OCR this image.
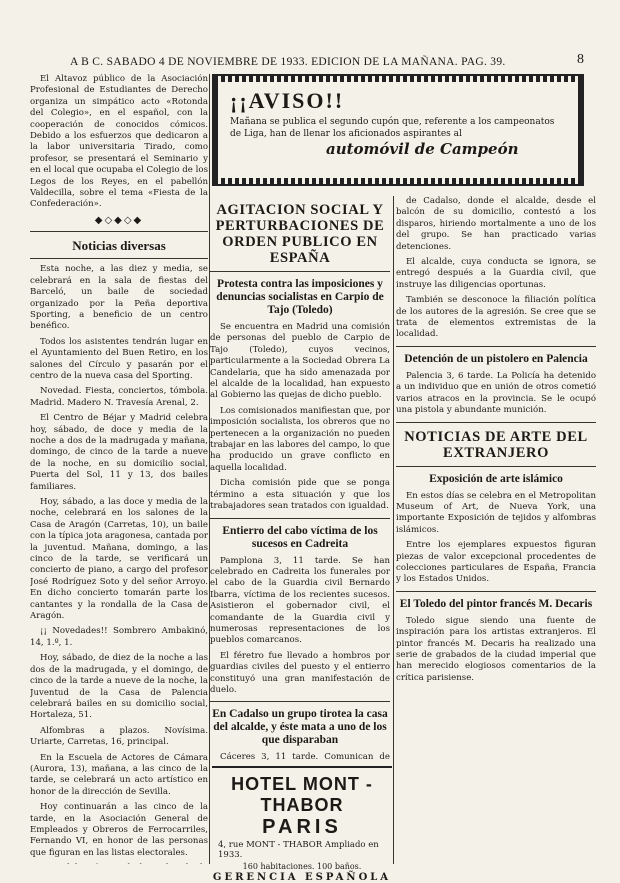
A B C. SABADO 4 DE NOVIEMBRE DE 1933. EDICION DE LA MAÑANA. PAG. 39.	8

El Altavoz público de la Asociación Profesional de Estudiantes de Derecho organiza un simpático acto «Rotonda del Colegio», en el español, con la cooperación de conocidos cómicos. Debido a los esfuerzos que dedicaron a la labor universitaria Tirado, como profesor, se presentará el Seminario y en el local que ocupaba el Colegio de los Legos de los Reyes, en el pabellón Valdecilla, sobre el tema «Fiesta de la Confederación».

◆◇◆◇◆
Noticias diversas

Esta noche, a las diez y media, se celebrará en la sala de fiestas del Barceló, un baile de sociedad organizado por la Peña deportiva Sporting, a beneficio de un centro benéfico.

Todos los asistentes tendrán lugar en el Ayuntamiento del Buen Retiro, en los salones del Círculo y pasarán por el centro de la nueva casa del Sporting.

Novedad. Fiesta, conciertos, tómbola. Madrid. Madero N. Travesía Arenal, 2.

El Centro de Béjar y Madrid celebra hoy, sábado, de doce y media de la noche a dos de la madrugada y mañana, domingo, de cinco de la tarde a nueve de la noche, en su domicilio social, Puerta del Sol, 11 y 13, dos bailes familiares.

Hoy, sábado, a las doce y media de la noche, celebrará en los salones de la Casa de Aragón (Carretas, 10), un baile con la típica jota aragonesa, cantada por la juventud. Mañana, domingo, a las cinco de la tarde, se verificará un concierto de piano, a cargo del profesor José Rodríguez Soto y del señor Arroyo. En dicho concierto tomarán parte los cantantes y la rondalla de la Casa de Aragón.

¡¡ Novedades!! Sombrero Ambakinó, 14, 1.º, 1.

Hoy, sábado, de diez de la noche a las dos de la madrugada, y el domingo, de cinco de la tarde a nueve de la noche, la Juventud de la Casa de Palencia celebrará bailes en su domicilio social, Hortaleza, 51.

Alfombras a plazos. Novísima. Uriarte, Carretas, 16, principal.

En la Escuela de Actores de Cámara (Aurora, 13), mañana, a las cinco de la tarde, se celebrará un acto artístico en honor de la dirección de Sevilla.

Hoy continuarán a las cinco de la tarde, en la Asociación General de Empleados y Obreros de Ferrocarriles, Fernando VI, en honor de las personas que figuran en las listas electorales.

¡¡AVISO!!
Mañana se publica el segundo cupón que, referente a los campeonatos de Liga, han de llenar los aficionados aspirantes al
automóvil de Campeón
AGITACION SOCIAL Y PERTURBACIONES DE ORDEN PUBLICO EN ESPAÑA
Protesta contra las imposiciones y denuncias socialistas en Carpio de Tajo (Toledo)

Se encuentra en Madrid una comisión de personas del pueblo de Carpio de Tajo (Toledo), cuyos vecinos, particularmente a la Sociedad Obrera La Candelaria, que ha sido amenazada por el alcalde de la localidad, han expuesto al Gobierno las quejas de dicho pueblo.

Los comisionados manifiestan que, por imposición socialista, los obreros que no pertenecen a la organización no pueden trabajar en las labores del campo, lo que ha producido un grave conflicto en aquella localidad.

Dicha comisión pide que se ponga término a esta situación y que los trabajadores sean tratados con igualdad.

Entierro del cabo víctima de los sucesos en Cadreita

Pamplona 3, 11 tarde. Se han celebrado en Cadreita los funerales por el cabo de la Guardia civil Bernardo Ibarra, víctima de los recientes sucesos. Asistieron el gobernador civil, el comandante de la Guardia civil y numerosas representaciones de los pueblos comarcanos.

El féretro fue llevado a hombros por guardias civiles del puesto y el entierro constituyó una gran manifestación de duelo.

En Cadalso un grupo tirotea la casa del alcalde, y éste mata a uno de los que disparaban

Cáceres 3, 11 tarde. Comunican de

HOTEL MONT - THABOR
PARIS 4, rue MONT - THABOR Ampliado en 1933.
160 habitaciones. 100 baños.
GERENCIA ESPAÑOLA

de Cadalso, donde el alcalde, desde el balcón de su domicilio, contestó a los disparos, hiriendo mortalmente a uno de los del grupo. Se han practicado varias detenciones.

El alcalde, cuya conducta se ignora, se entregó después a la Guardia civil, que instruye las diligencias oportunas.

También se desconoce la filiación política de los autores de la agresión. Se cree que se trata de elementos extremistas de la localidad.

Detención de un pistolero en Palencia

Palencia 3, 6 tarde. La Policía ha detenido a un individuo que en unión de otros cometió varios atracos en la provincia. Se le ocupó una pistola y abundante munición.

NOTICIAS DE ARTE DEL EXTRANJERO
Exposición de arte islámico

En estos días se celebra en el Metropolitan Museum of Art, de Nueva York, una importante Exposición de tejidos y alfombras islámicos.

Entre los ejemplares expuestos figuran piezas de valor excepcional procedentes de colecciones particulares de España, Francia y los Estados Unidos.

El Toledo del pintor francés M. Decaris

Toledo sigue siendo una fuente de inspiración para los artistas extranjeros. El pintor francés M. Decaris ha realizado una serie de grabados de la ciudad imperial que han merecido elogiosos comentarios de la crítica parisiense.
